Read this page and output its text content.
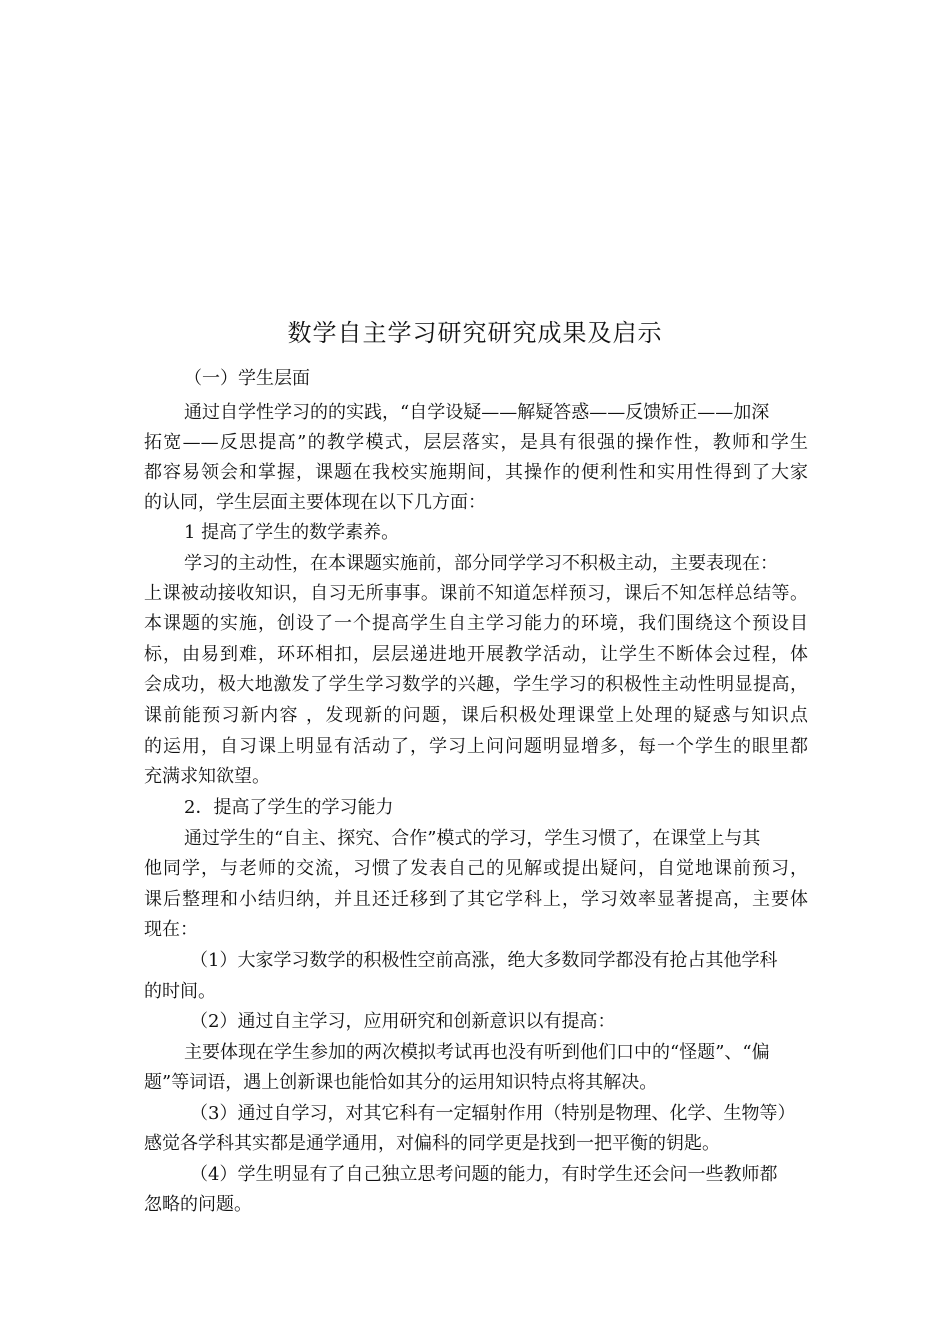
数学自主学习研究研究成果及启示
（一）学生层面
通过自学性学习的的实践，“自学设疑——解疑答惑——反馈矫正——加深
拓宽——反思提高”的教学模式，层层落实，是具有很强的操作性，教师和学生
都容易领会和掌握，课题在我校实施期间，其操作的便利性和实用性得到了大家
的认同，学生层面主要体现在以下几方面：
1 提高了学生的数学素养。
学习的主动性，在本课题实施前，部分同学学习不积极主动，主要表现在：
上课被动接收知识，自习无所事事。课前不知道怎样预习，课后不知怎样总结等。
本课题的实施，创设了一个提高学生自主学习能力的环境，我们围绕这个预设目
标，由易到难，环环相扣，层层递进地开展教学活动，让学生不断体会过程，体
会成功，极大地激发了学生学习数学的兴趣，学生学习的积极性主动性明显提高，
课前能预习新内容 ，发现新的问题，课后积极处理课堂上处理的疑惑与知识点
的运用，自习课上明显有活动了，学习上问问题明显增多，每一个学生的眼里都
充满求知欲望。
2．提高了学生的学习能力
通过学生的“自主、探究、合作”模式的学习，学生习惯了，在课堂上与其
他同学，与老师的交流，习惯了发表自己的见解或提出疑问，自觉地课前预习，
课后整理和小结归纳，并且还迁移到了其它学科上，学习效率显著提高，主要体
现在：
（1）大家学习数学的积极性空前高涨，绝大多数同学都没有抢占其他学科
的时间。
（2）通过自主学习，应用研究和创新意识以有提高：
主要体现在学生参加的两次模拟考试再也没有听到他们口中的“怪题”、“偏
题”等词语，遇上创新课也能恰如其分的运用知识特点将其解决。
（3）通过自学习，对其它科有一定辐射作用（特别是物理、化学、生物等）
感觉各学科其实都是通学通用，对偏科的同学更是找到一把平衡的钥匙。
（4）学生明显有了自己独立思考问题的能力，有时学生还会问一些教师都
忽略的问题。
